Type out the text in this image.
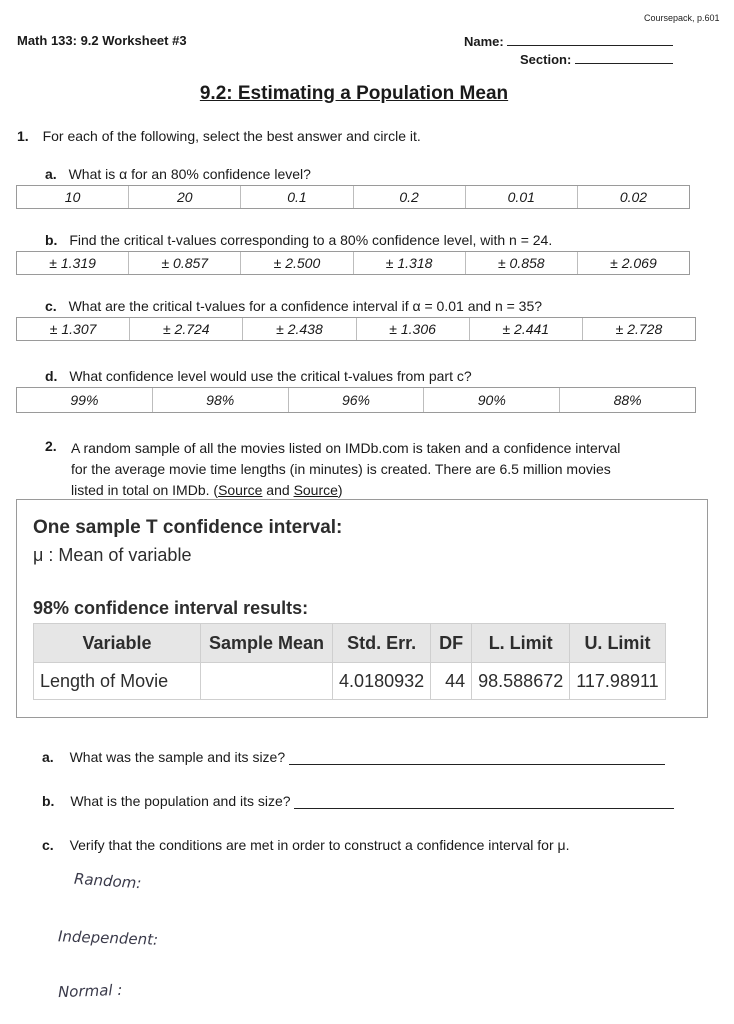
Coursepack, p.601
Math 133: 9.2 Worksheet #3	Name:
Section:
9.2: Estimating a Population Mean
1. For each of the following, select the best answer and circle it.
a. What is α for an 80% confidence level?
10	20	0.1	0.2	0.01	0.02
b. Find the critical t-values corresponding to a 80% confidence level, with n = 24.
± 1.319	± 0.857	± 2.500	± 1.318	± 0.858	± 2.069
c. What are the critical t-values for a confidence interval if α = 0.01 and n = 35?
± 1.307	± 2.724	± 2.438	± 1.306	± 2.441	± 2.728
d. What confidence level would use the critical t-values from part c?
99%	98%	96%	90%	88%
2. A random sample of all the movies listed on IMDb.com is taken and a confidence interval
for the average movie time lengths (in minutes) is created. There are 6.5 million movies
listed in total on IMDb. (Source and Source)
One sample T confidence interval:
μ : Mean of variable
98% confidence interval results:
Variable	Sample Mean	Std. Err.	DF	L. Limit	U. Limit
Length of Movie		4.0180932	44	98.588672	117.98911
a. What was the sample and its size?
b. What is the population and its size?
c. Verify that the conditions are met in order to construct a confidence interval for μ.
Random:
Independent:
Normal :
